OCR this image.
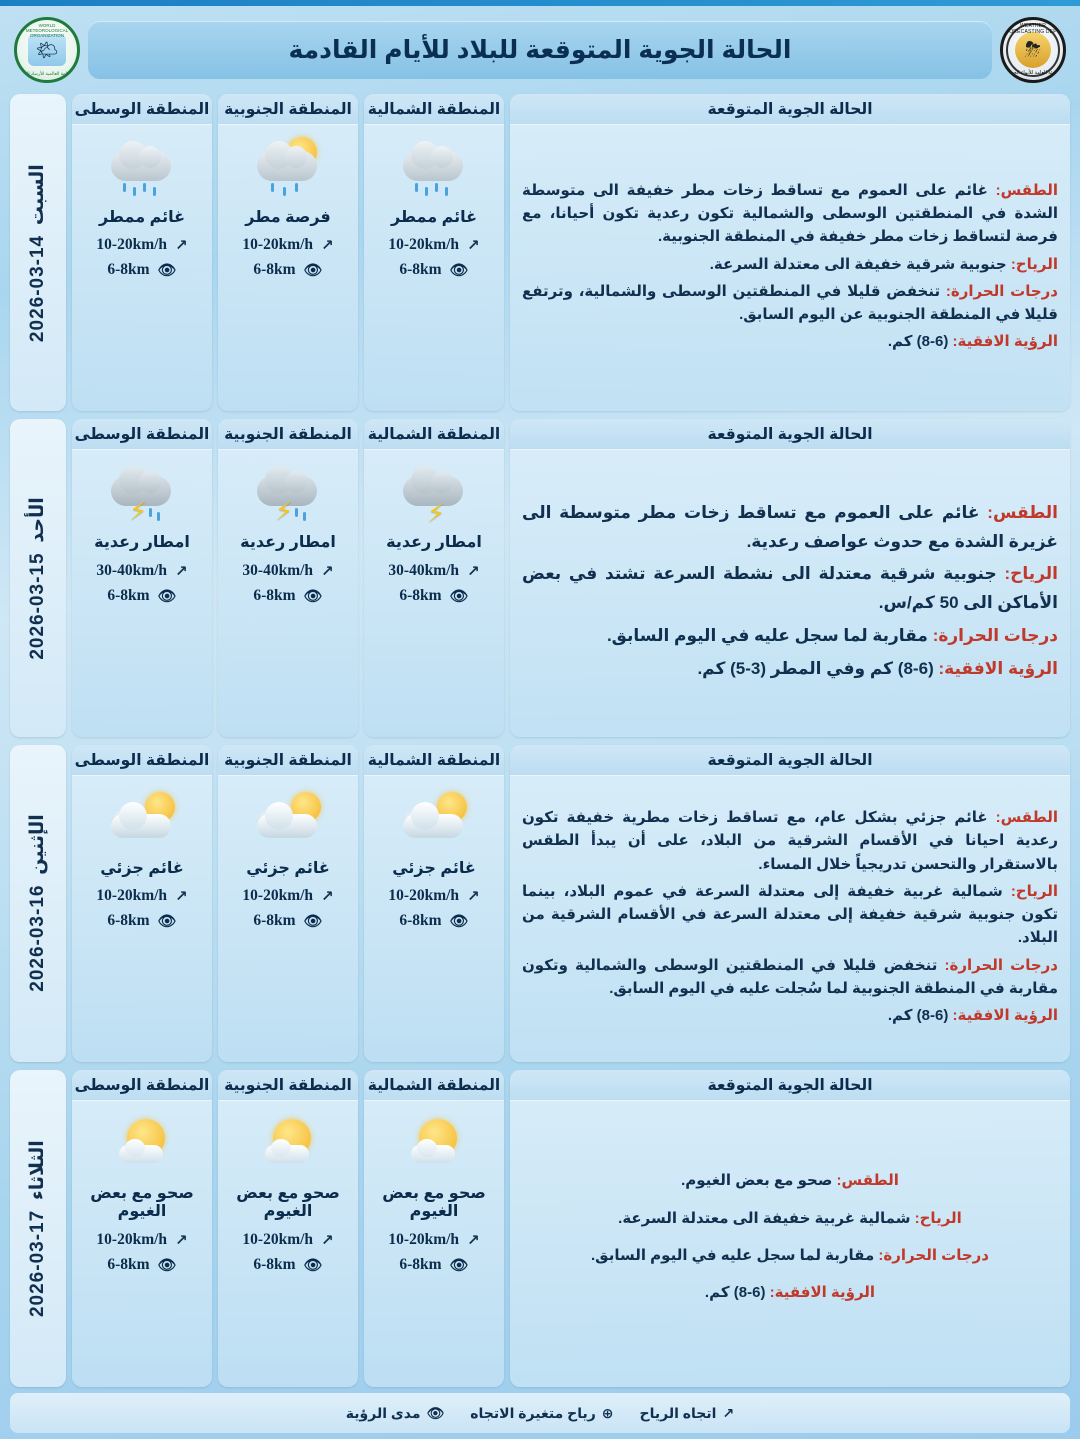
WEATHER FORECASTING DEPT
⛈
الهيئة العامة للأنواء الجوية
الحالة الجوية المتوقعة للبلاد للأيام القادمة
WORLD METEOROLOGICAL ORGANIZATION
🌤
المنظمة العالمية للأرصاد الجوية
الحالة الجوية المتوقعة

الطقس: غائم على العموم مع تساقط زخات مطر خفيفة الى متوسطة الشدة في المنطقتين الوسطى والشمالية تكون رعدية تكون أحيانا، مع فرصة لتساقط زخات مطر خفيفة في المنطقة الجنوبية.

الرياح: جنوبية شرقية خفيفة الى معتدلة السرعة.

درجات الحرارة: تنخفض قليلا في المنطقتين الوسطى والشمالية، وترتفع قليلا في المنطقة الجنوبية عن اليوم السابق.

الرؤية الافقية: (6-8) كم.

المنطقة الشمالية
غائم ممطر
↗
10-20km/h
👁
6-8km
المنطقة الجنوبية
فرصة مطر
↗
10-20km/h
👁
6-8km
المنطقة الوسطى
غائم ممطر
↗
10-20km/h
👁
6-8km
السبت
2026-03-14
الحالة الجوية المتوقعة

الطقس: غائم على العموم مع تساقط زخات مطر متوسطة الى غزيرة الشدة مع حدوث عواصف رعدية.

الرياح: جنوبية شرقية معتدلة الى نشطة السرعة تشتد في بعض الأماكن الى 50 كم/س.

درجات الحرارة: مقاربة لما سجل عليه في اليوم السابق.

الرؤية الافقية: (6-8) كم وفي المطر (3-5) كم.

المنطقة الشمالية
⚡
امطار رعدية
↗
30-40km/h
👁
6-8km
المنطقة الجنوبية
⚡
امطار رعدية
↗
30-40km/h
👁
6-8km
المنطقة الوسطى
⚡
امطار رعدية
↗
30-40km/h
👁
6-8km
الأحد
2026-03-15
الحالة الجوية المتوقعة

الطقس: غائم جزئي بشكل عام، مع تساقط زخات مطرية خفيفة تكون رعدية احيانا في الأقسام الشرقية من البلاد، على أن يبدأ الطقس بالاستقرار والتحسن تدريجياً خلال المساء.

الرياح: شمالية غربية خفيفة إلى معتدلة السرعة في عموم البلاد، بينما تكون جنوبية شرقية خفيفة إلى معتدلة السرعة في الأقسام الشرقية من البلاد.

درجات الحرارة: تنخفض قليلا في المنطقتين الوسطى والشمالية وتكون مقاربة في المنطقة الجنوبية لما سُجلت عليه في اليوم السابق.

الرؤية الافقية: (6-8) كم.

المنطقة الشمالية
غائم جزئي
↗
10-20km/h
👁
6-8km
المنطقة الجنوبية
غائم جزئي
↗
10-20km/h
👁
6-8km
المنطقة الوسطى
غائم جزئي
↗
10-20km/h
👁
6-8km
الإثنين
2026-03-16
الحالة الجوية المتوقعة

الطقس: صحو مع بعض الغيوم.

الرياح: شمالية غربية خفيفة الى معتدلة السرعة.

درجات الحرارة: مقاربة لما سجل عليه في اليوم السابق.

الرؤية الافقية: (6-8) كم.

المنطقة الشمالية
صحو مع بعض الغيوم
↗
10-20km/h
👁
6-8km
المنطقة الجنوبية
صحو مع بعض الغيوم
↗
10-20km/h
👁
6-8km
المنطقة الوسطى
صحو مع بعض الغيوم
↗
10-20km/h
👁
6-8km
الثلاثاء
2026-03-17
↗
اتجاه الرياح
⊕
رياح متغيرة الاتجاه
👁
مدى الرؤية
